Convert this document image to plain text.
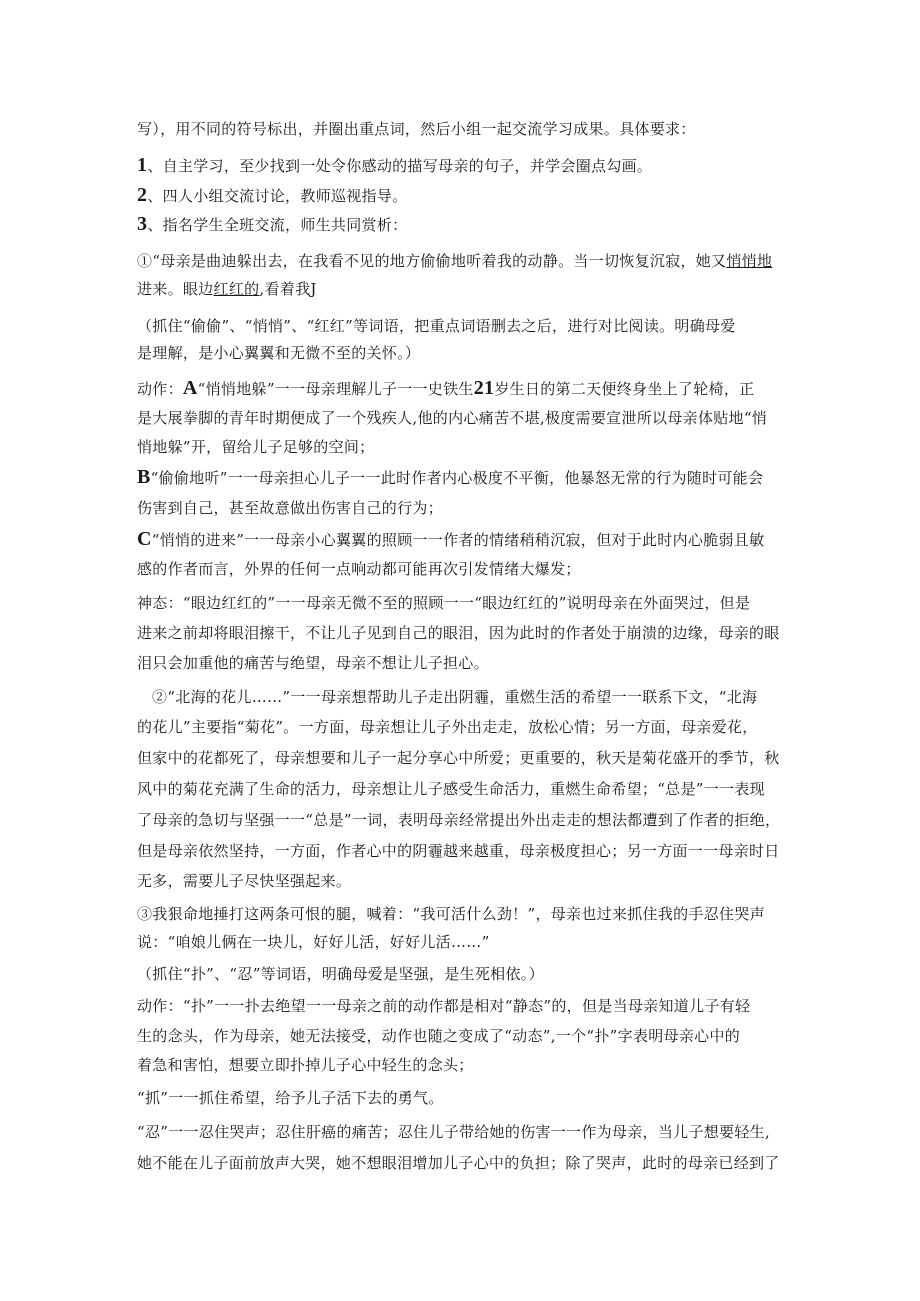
写），用不同的符号标出，并圈出重点词，然后小组一起交流学习成果。具体要求：
1、自主学习，至少找到一处令你感动的描写母亲的句子，并学会圈点勾画。
2、四人小组交流讨论，教师巡视指导。
3、指名学生全班交流，师生共同赏析：
①“母亲是曲迪躲出去，在我看不见的地方偷偷地听着我的动静。当一切恢复沉寂，她又悄悄地
进来。眼边红红的,看着我J
（抓住“偷偷”、“悄悄”、“红红”等词语，把重点词语删去之后，进行对比阅读。明确母爱
是理解，是小心翼翼和无微不至的关怀。）
动作：A“悄悄地躲”一一母亲理解儿子一一史铁生21岁生日的第二天便终身坐上了轮椅，正
是大展拳脚的青年时期便成了一个残疾人,他的内心痛苦不堪,极度需要宣泄所以母亲体贴地“悄
悄地躲”开，留给儿子足够的空间；
B“偷偷地听”一一母亲担心儿子一一此时作者内心极度不平衡，他暴怒无常的行为随时可能会
伤害到自己，甚至故意做出伤害自己的行为；
C“悄悄的进来”一一母亲小心翼翼的照顾一一作者的情绪稍稍沉寂，但对于此时内心脆弱且敏
感的作者而言，外界的任何一点响动都可能再次引发情绪大爆发；
神态：“眼边红红的”一一母亲无微不至的照顾一一“眼边红红的”说明母亲在外面哭过，但是
进来之前却将眼泪擦干，不让儿子见到自己的眼泪，因为此时的作者处于崩溃的边缘，母亲的眼
泪只会加重他的痛苦与绝望，母亲不想让儿子担心。
②“北海的花儿……”一一母亲想帮助儿子走出阴霾，重燃生活的希望一一联系下文，“北海
的花儿”主要指“菊花”。一方面，母亲想让儿子外出走走，放松心情；另一方面，母亲爱花，
但家中的花都死了，母亲想要和儿子一起分享心中所爱；更重要的，秋天是菊花盛开的季节，秋
风中的菊花充满了生命的活力，母亲想让儿子感受生命活力，重燃生命希望；“总是”一一表现
了母亲的急切与坚强一一“总是”一词，表明母亲经常提出外出走走的想法都遭到了作者的拒绝，
但是母亲依然坚持，一方面，作者心中的阴霾越来越重，母亲极度担心；另一方面一一母亲时日
无多，需要儿子尽快坚强起来。
③我狠命地捶打这两条可恨的腿，喊着：“我可活什么劲！”，母亲也过来抓住我的手忍住哭声
说：“咱娘儿俩在一块儿，好好儿活，好好儿活……”
（抓住“扑”、“忍”等词语，明确母爱是坚强，是生死相依。）
动作：“扑”一一扑去绝望一一母亲之前的动作都是相对“静态”的，但是当母亲知道儿子有轻
生的念头，作为母亲，她无法接受，动作也随之变成了“动态”,一个“扑”字表明母亲心中的
着急和害怕，想要立即扑掉儿子心中轻生的念头；
“抓”一一抓住希望，给予儿子活下去的勇气。
“忍”一一忍住哭声；忍住肝癌的痛苦；忍住儿子带给她的伤害一一作为母亲，当儿子想要轻生,
她不能在儿子面前放声大哭，她不想眼泪增加儿子心中的负担；除了哭声，此时的母亲已经到了
